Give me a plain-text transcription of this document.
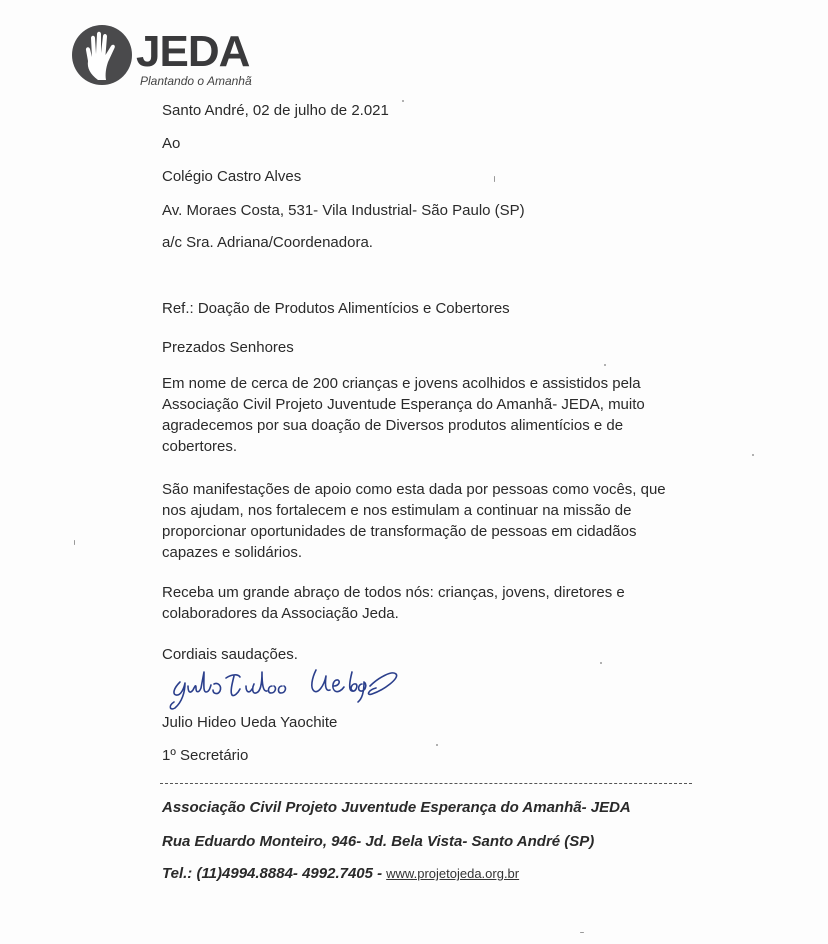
JEDA
Plantando o Amanhã
Santo André, 02 de julho de 2.021
Ao
Colégio Castro Alves
Av. Moraes Costa, 531- Vila Industrial- São Paulo (SP)
a/c Sra. Adriana/Coordenadora.
Ref.: Doação de Produtos Alimentícios e Cobertores
Prezados Senhores
Em nome de cerca de 200 crianças e jovens acolhidos e assistidos pela
Associação Civil Projeto Juventude Esperança do Amanhã- JEDA, muito
agradecemos por sua doação de Diversos produtos alimentícios e de
cobertores.
São manifestações de apoio como esta dada por pessoas como vocês, que
nos ajudam, nos fortalecem e nos estimulam a continuar na missão de
proporcionar oportunidades de transformação de pessoas em cidadãos
capazes e solidários.
Receba um grande abraço de todos nós: crianças, jovens, diretores e
colaboradores da Associação Jeda.
Cordiais saudações.
Julio Hideo Ueda Yaochite
1º Secretário
Associação Civil Projeto Juventude Esperança do Amanhã- JEDA
Rua Eduardo Monteiro, 946- Jd. Bela Vista- Santo André (SP)
Tel.: (11)4994.8884- 4992.7405 - www.projetojeda.org.br
